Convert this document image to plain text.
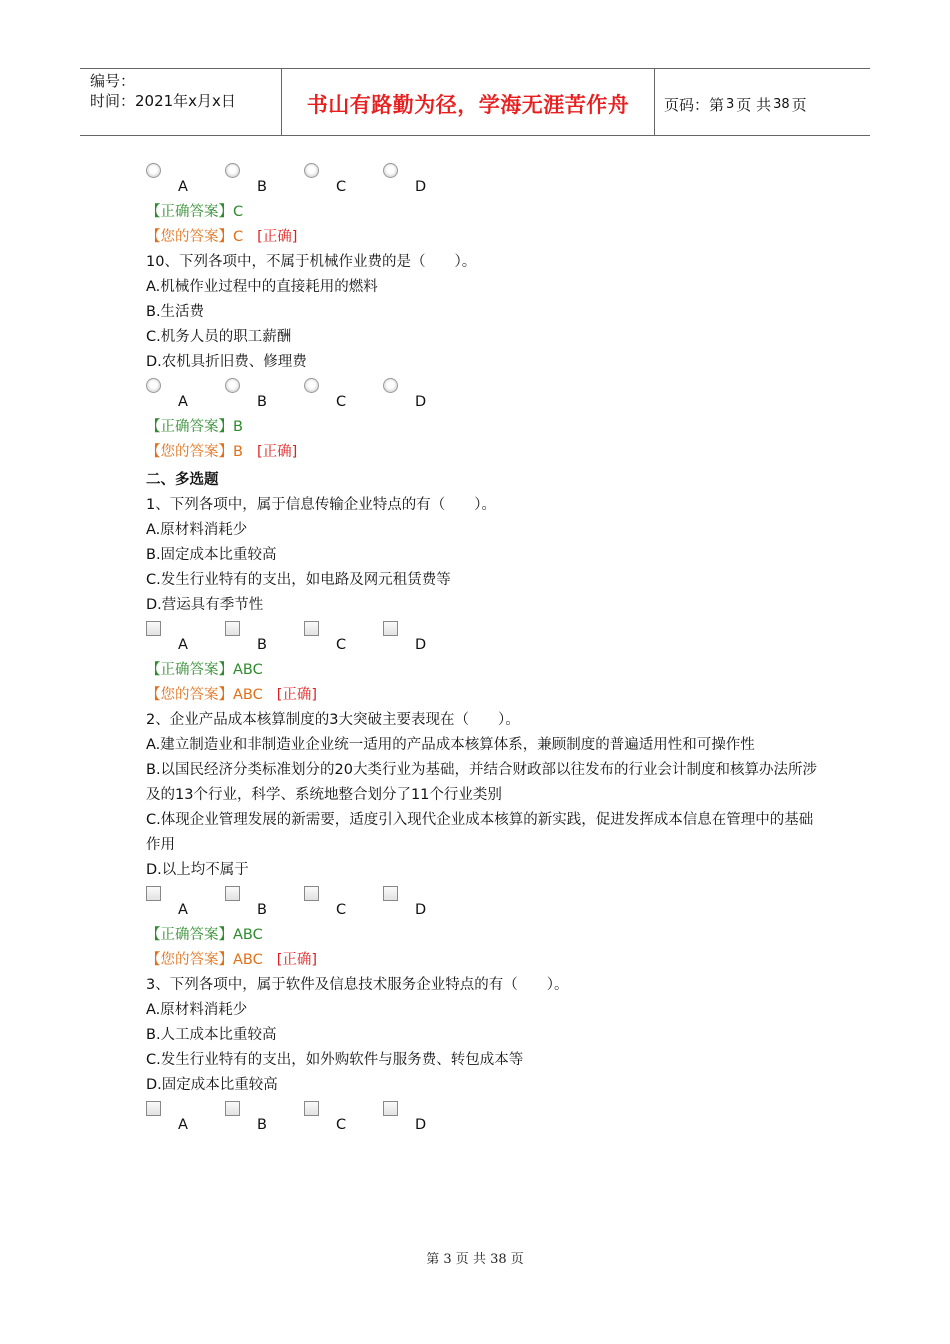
编号：
时间：2021年x月x日	书山有路勤为径，学海无涯苦作舟	页码：第 3 页 共 38 页
A	B	C	D
【正确答案】C
【您的答案】C [正确]
10、下列各项中，不属于机械作业费的是（　　）。
A.机械作业过程中的直接耗用的燃料
B.生活费
C.机务人员的职工薪酬
D.农机具折旧费、修理费
A	B	C	D
【正确答案】B
【您的答案】B [正确]
二、多选题
1、下列各项中，属于信息传输企业特点的有（　　）。
A.原材料消耗少
B.固定成本比重较高
C.发生行业特有的支出，如电路及网元租赁费等
D.营运具有季节性
A	B	C	D
【正确答案】ABC
【您的答案】ABC [正确]
2、企业产品成本核算制度的3大突破主要表现在（　　）。
A.建立制造业和非制造业企业统一适用的产品成本核算体系，兼顾制度的普遍适用性和可操作性
B.以国民经济分类标准划分的20大类行业为基础，并结合财政部以往发布的行业会计制度和核算办法所涉及的13个行业，科学、系统地整合划分了11个行业类别
C.体现企业管理发展的新需要，适度引入现代企业成本核算的新实践，促进发挥成本信息在管理中的基础作用
D.以上均不属于
A	B	C	D
【正确答案】ABC
【您的答案】ABC [正确]
3、下列各项中，属于软件及信息技术服务企业特点的有（　　）。
A.原材料消耗少
B.人工成本比重较高
C.发生行业特有的支出，如外购软件与服务费、转包成本等
D.固定成本比重较高
A	B	C	D
第 3 页 共 38 页
